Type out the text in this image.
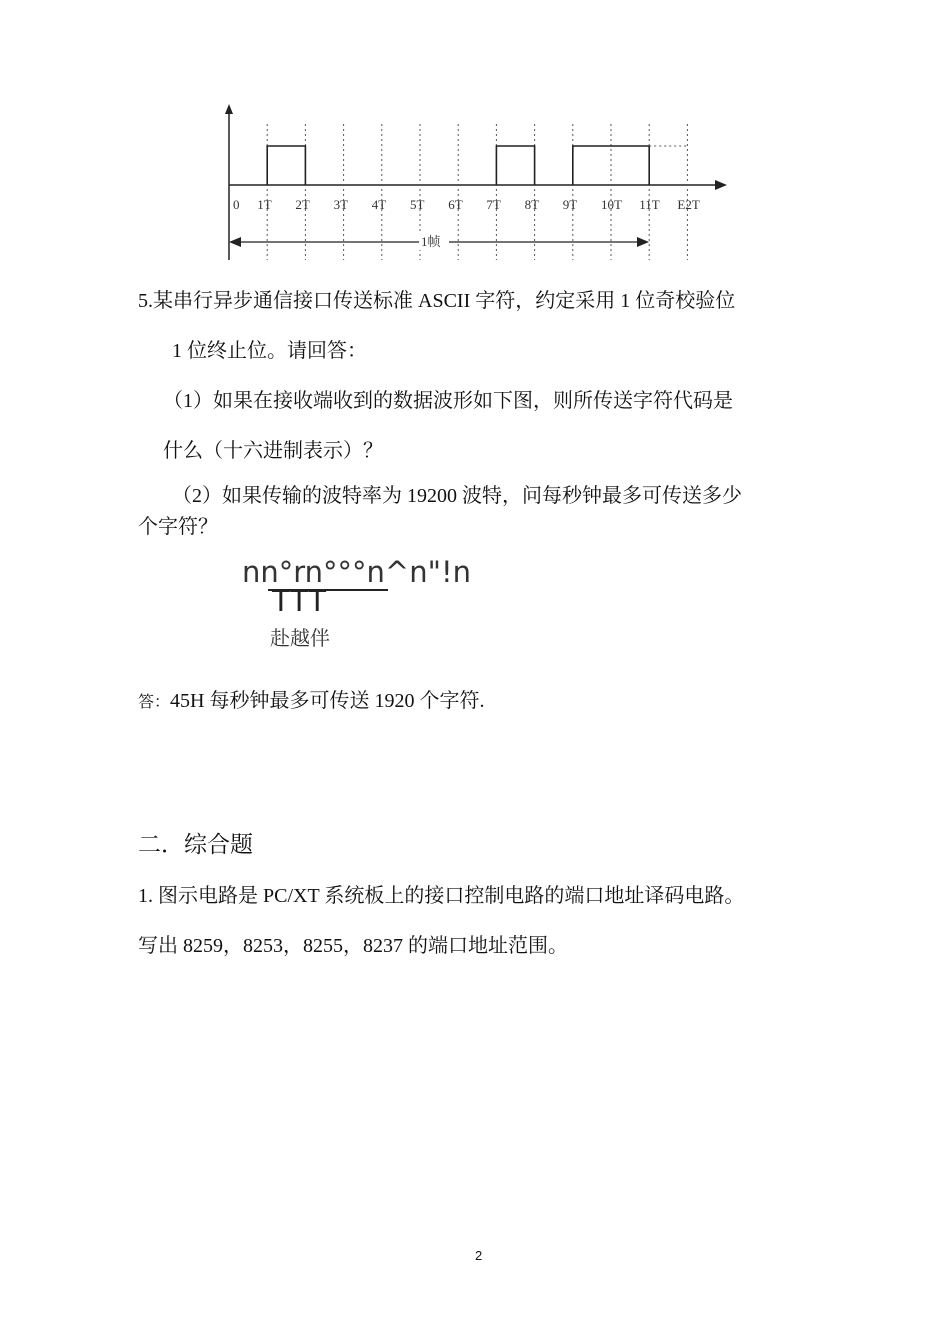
0 1T 2T 3T 4T 5T 6T 7T 8T 9T 10T 11T E2T
1帧
5.某串行异步通信接口传送标准 ASCII 字符，约定采用 1 位奇校验位
1 位终止位。请回答：
（1）如果在接收端收到的数据波形如下图，则所传送字符代码是
什么（十六进制表示）？
（2）如果传输的波特率为 19200 波特，问每秒钟最多可传送多少
个字符？
nn°rn°°°n^n"!n
TTT
赴越伴
答：45H 每秒钟最多可传送 1920 个字符.
二．综合题
1. 图示电路是 PC/XT 系统板上的接口控制电路的端口地址译码电路。
写出 8259，8253，8255，8237 的端口地址范围。
2
